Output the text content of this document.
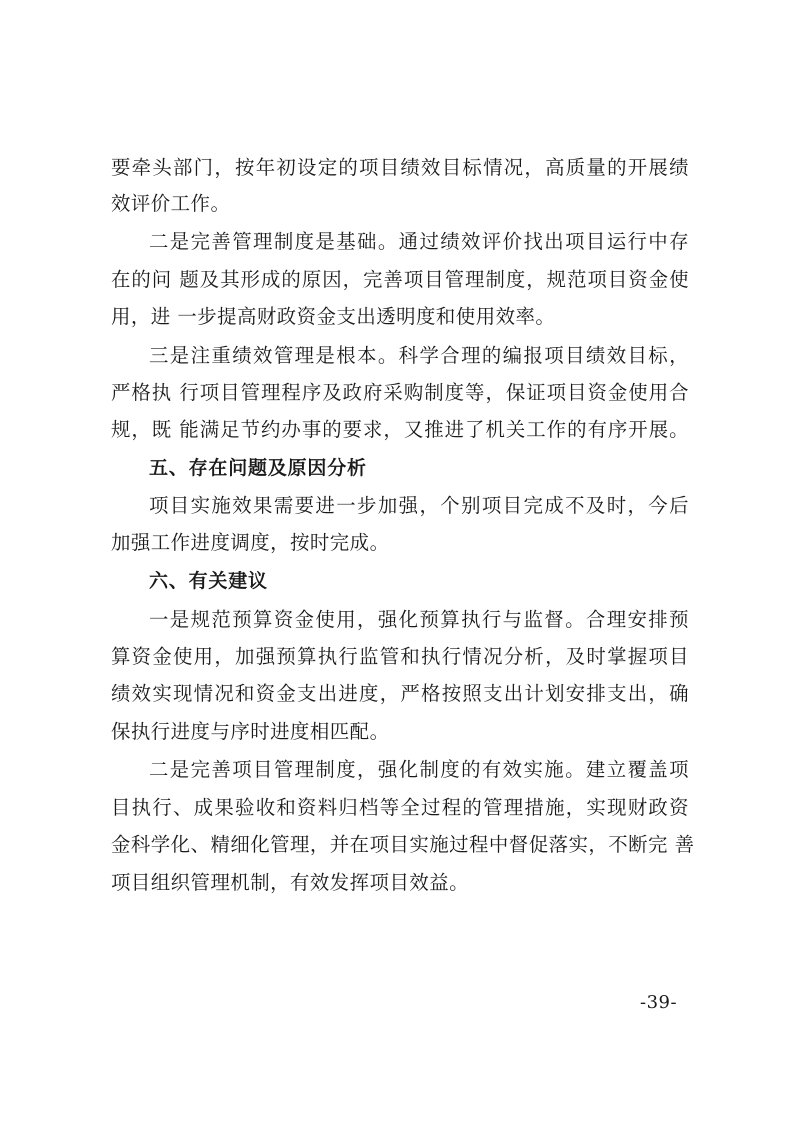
要牵头部门，按年初设定的项目绩效目标情况，高质量的开展绩
效评价工作。
二是完善管理制度是基础。通过绩效评价找出项目运行中存
在的问 题及其形成的原因，完善项目管理制度，规范项目资金使
用，进 一步提高财政资金支出透明度和使用效率。
三是注重绩效管理是根本。科学合理的编报项目绩效目标，
严格执 行项目管理程序及政府采购制度等，保证项目资金使用合
规，既 能满足节约办事的要求，又推进了机关工作的有序开展。
五、存在问题及原因分析
项目实施效果需要进一步加强，个别项目完成不及时，今后
加强工作进度调度，按时完成。
六、有关建议
一是规范预算资金使用，强化预算执行与监督。合理安排预
算资金使用，加强预算执行监管和执行情况分析，及时掌握项目
绩效实现情况和资金支出进度，严格按照支出计划安排支出，确
保执行进度与序时进度相匹配。
二是完善项目管理制度，强化制度的有效实施。建立覆盖项
目执行、成果验收和资料归档等全过程的管理措施，实现财政资
金科学化、精细化管理，并在项目实施过程中督促落实，不断完 善
项目组织管理机制，有效发挥项目效益。
-39-
